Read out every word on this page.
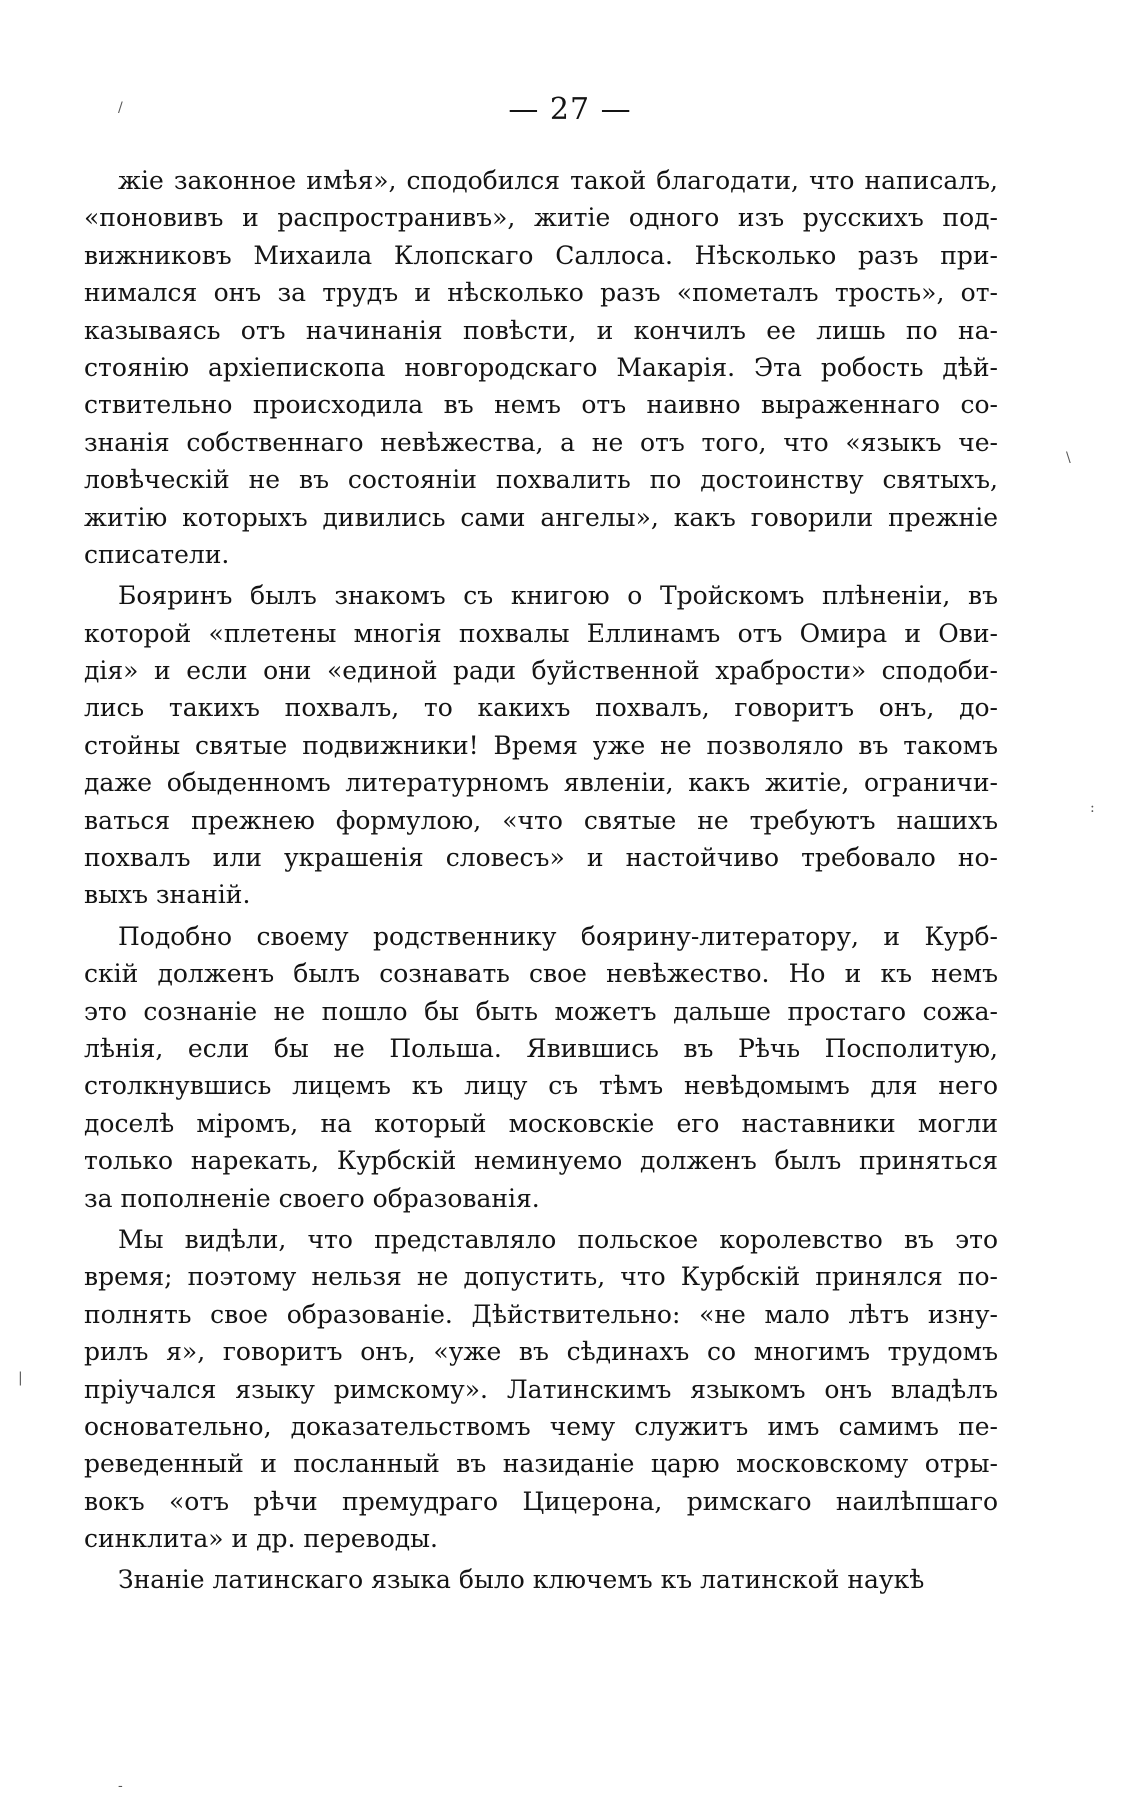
— 27 —
жіе законное имѣя», сподобился такой благодати, что написалъ,
«поновивъ и распространивъ», житіе одного изъ русскихъ под-
вижниковъ Михаила Клопскаго Саллоса. Нѣсколько разъ при-
нимался онъ за трудъ и нѣсколько разъ «пометалъ трость», от-
казываясь отъ начинанія повѣсти, и кончилъ ее лишь по на-
стоянію архіепископа новгородскаго Макарія. Эта робость дѣй-
ствительно происходила въ немъ отъ наивно выраженнаго со-
знанія собственнаго невѣжества, а не отъ того, что «языкъ че-
ловѣческій не въ состояніи похвалить по достоинству святыхъ,
житію которыхъ дивились сами ангелы», какъ говорили прежніе
списатели.
Бояринъ былъ знакомъ съ книгою о Тройскомъ плѣненіи, въ
которой «плетены многія похвалы Еллинамъ отъ Омира и Ови-
дія» и если они «единой ради буйственной храбрости» сподоби-
лись такихъ похвалъ, то какихъ похвалъ, говоритъ онъ, до-
стойны святые подвижники! Время уже не позволяло въ такомъ
даже обыденномъ литературномъ явленіи, какъ житіе, ограничи-
ваться прежнею формулою, «что святые не требуютъ нашихъ
похвалъ или украшенія словесъ» и настойчиво требовало но-
выхъ знаній.
Подобно своему родственнику боярину-литератору, и Курб-
скій долженъ былъ сознавать свое невѣжество. Но и къ немъ
это сознаніе не пошло бы быть можетъ дальше простаго сожа-
лѣнія, если бы не Польша. Явившись въ Рѣчь Посполитую,
столкнувшись лицемъ къ лицу съ тѣмъ невѣдомымъ для него
доселѣ міромъ, на который московскіе его наставники могли
только нарекать, Курбскій неминуемо долженъ былъ приняться
за пополненіе своего образованія.
Мы видѣли, что представляло польское королевство въ это
время; поэтому нельзя не допустить, что Курбскій принялся по-
полнять свое образованіе. Дѣйствительно: «не мало лѣтъ изну-
рилъ я», говоритъ онъ, «уже въ сѣдинахъ со многимъ трудомъ
пріучался языку римскому». Латинскимъ языкомъ онъ владѣлъ
основательно, доказательствомъ чему служитъ имъ самимъ пе-
реведенный и посланный въ назиданіе царю московскому отры-
вокъ «отъ рѣчи премудраго Цицерона, римскаго наилѣпшаго
синклита» и др. переводы.
Знаніе латинскаго языка было ключемъ къ латинской наукѣ
/
\
:
|
-
